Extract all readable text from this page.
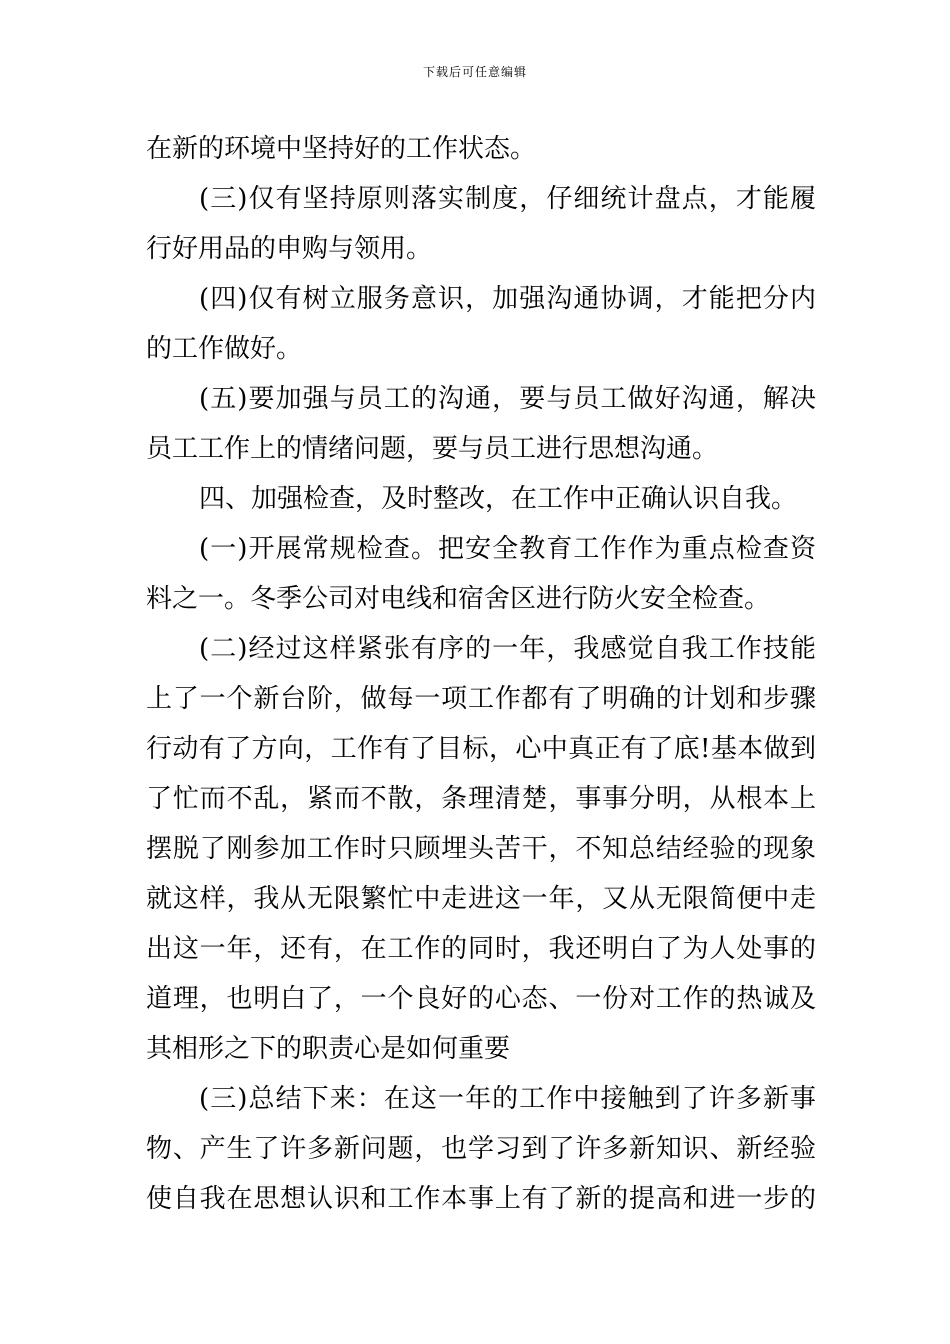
下载后可任意编辑
在新的环境中坚持好的工作状态。
(三)仅有坚持原则落实制度，仔细统计盘点，才能履
行好用品的申购与领用。
(四)仅有树立服务意识，加强沟通协调，才能把分内
的工作做好。
(五)要加强与员工的沟通，要与员工做好沟通，解决
员工工作上的情绪问题，要与员工进行思想沟通。
四、加强检查，及时整改，在工作中正确认识自我。
(一)开展常规检查。把安全教育工作作为重点检查资
料之一。冬季公司对电线和宿舍区进行防火安全检查。
(二)经过这样紧张有序的一年，我感觉自我工作技能
上了一个新台阶，做每一项工作都有了明确的计划和步骤
行动有了方向，工作有了目标，心中真正有了底!基本做到
了忙而不乱，紧而不散，条理清楚，事事分明，从根本上
摆脱了刚参加工作时只顾埋头苦干，不知总结经验的现象
就这样，我从无限繁忙中走进这一年，又从无限简便中走
出这一年，还有，在工作的同时，我还明白了为人处事的
道理，也明白了，一个良好的心态、一份对工作的热诚及
其相形之下的职责心是如何重要
(三)总结下来：在这一年的工作中接触到了许多新事
物、产生了许多新问题，也学习到了许多新知识、新经验
使自我在思想认识和工作本事上有了新的提高和进一步的
